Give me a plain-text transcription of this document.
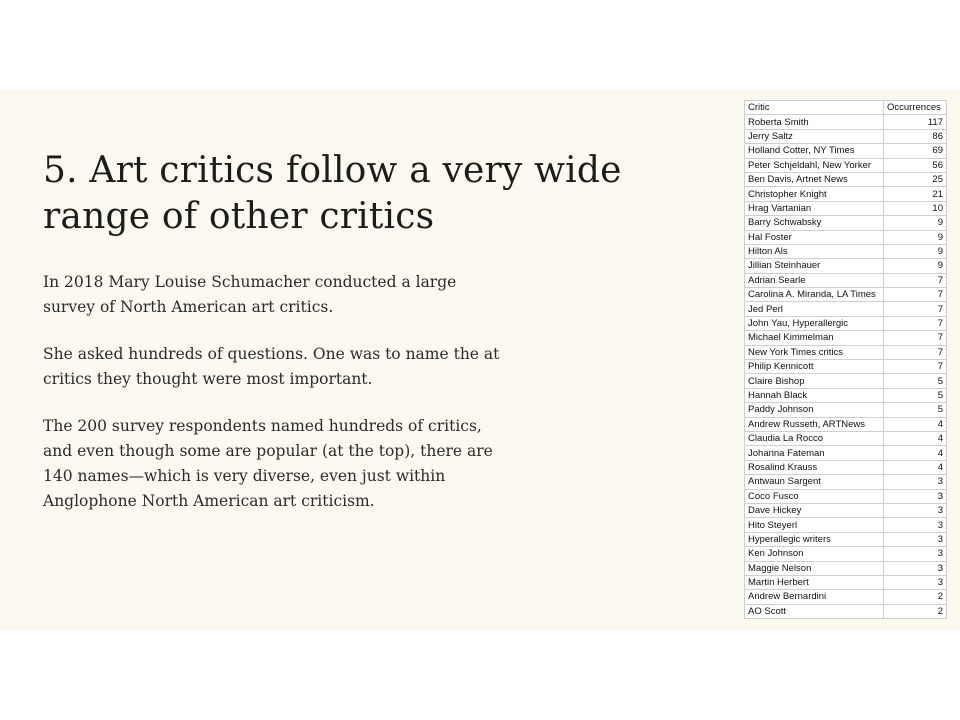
5. Art critics follow a very wide range of other critics

In 2018 Mary Louise Schumacher conducted a large survey of North American art critics.

She asked hundreds of questions. One was to name the at critics they thought were most important.

The 200 survey respondents named hundreds of critics, and even though some are popular (at the top), there are 140 names—which is very diverse, even just within Anglophone North American art criticism.

Critic	Occurrences
Roberta Smith	117
Jerry Saltz	86
Holland Cotter, NY Times	69
Peter Schjeldahl, New Yorker	56
Ben Davis, Artnet News	25
Christopher Knight	21
Hrag Vartanian	10
Barry Schwabsky	9
Hal Foster	9
Hilton Als	9
Jillian Steinhauer	9
Adrian Searle	7
Carolina A. Miranda, LA Times	7
Jed Perl	7
John Yau, Hyperallergic	7
Michael Kimmelman	7
New York Times critics	7
Philip Kennicott	7
Claire Bishop	5
Hannah Black	5
Paddy Johnson	5
Andrew Russeth, ARTNews	4
Claudia La Rocco	4
Johanna Fateman	4
Rosalind Krauss	4
Antwaun Sargent	3
Coco Fusco	3
Dave Hickey	3
Hito Steyerl	3
Hyperallegic writers	3
Ken Johnson	3
Maggie Nelson	3
Martin Herbert	3
Andrew Bernardini	2
AO Scott	2
